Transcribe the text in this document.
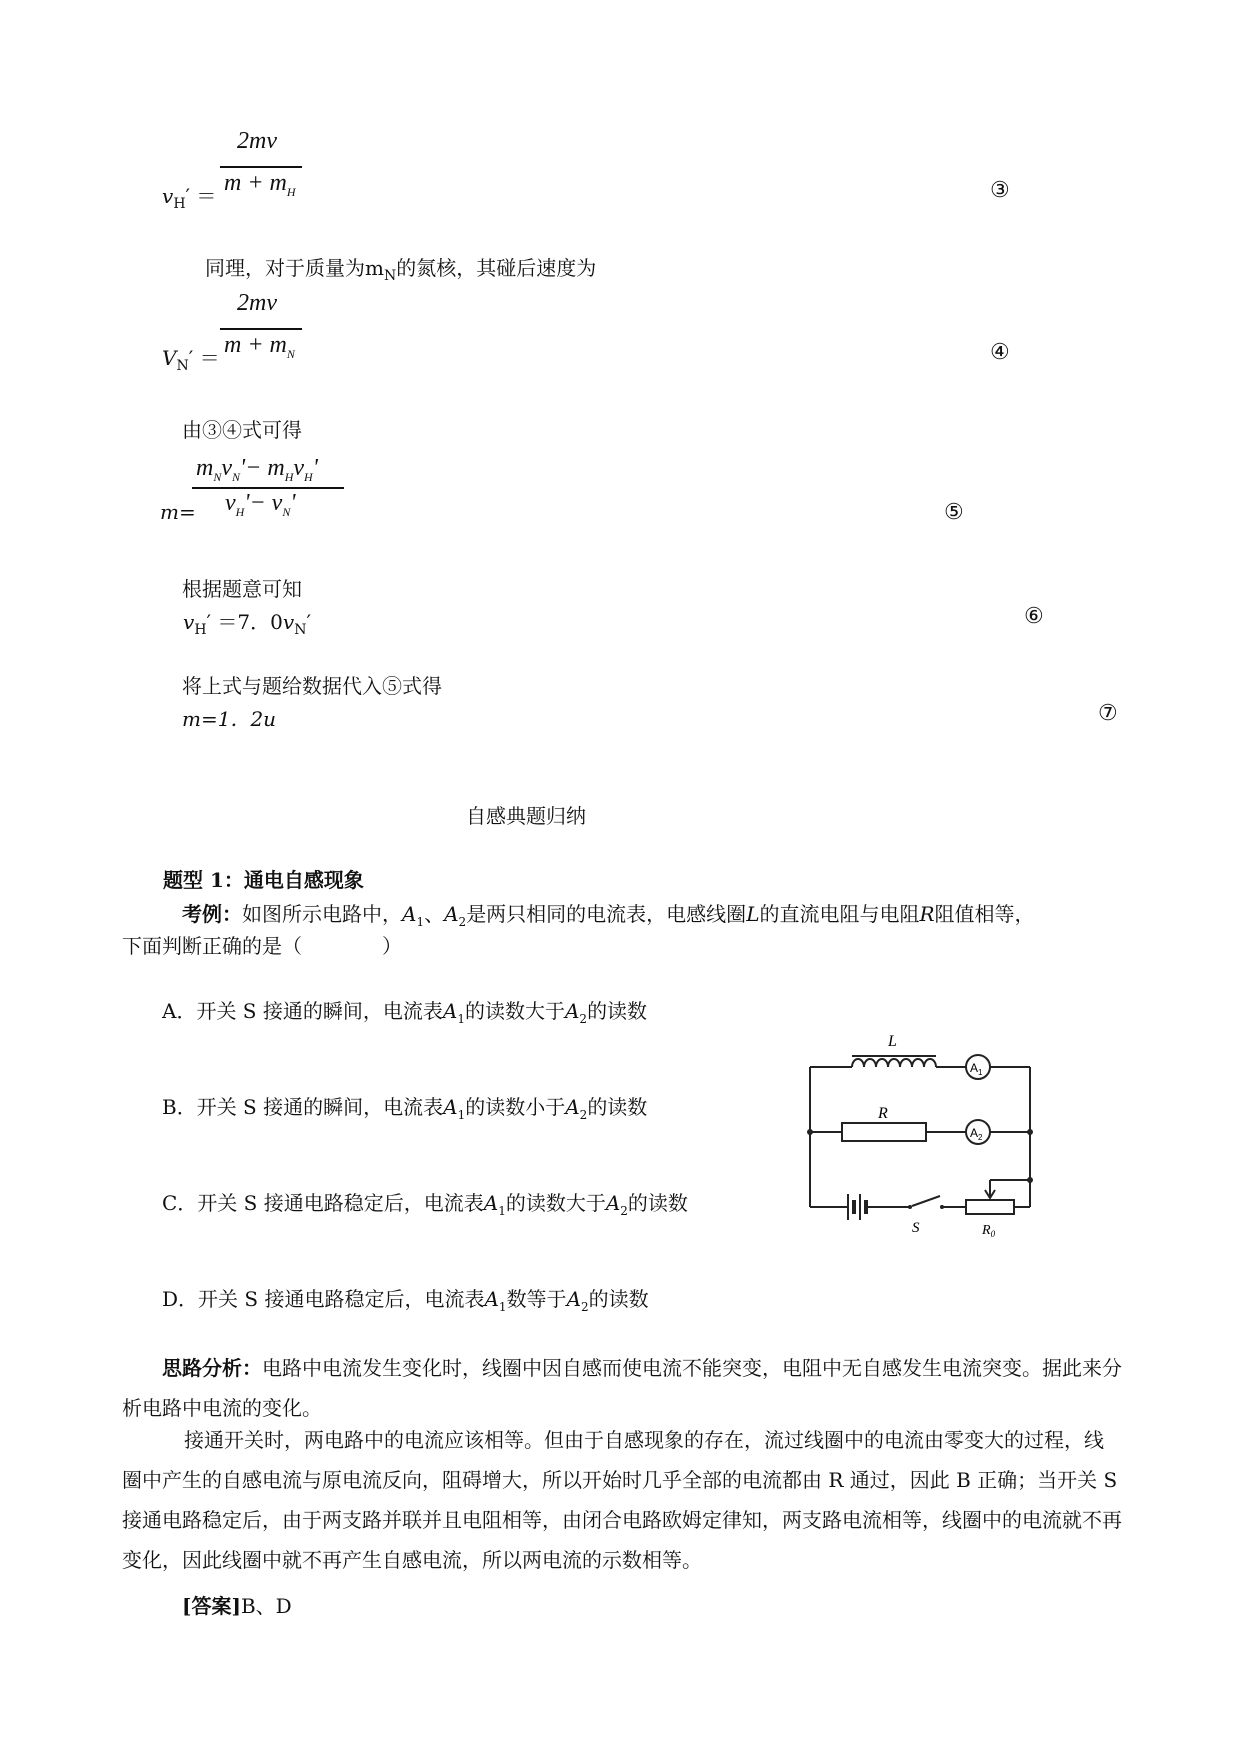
2mv
$m + m_H$
$v_H'$ ＝	③
同理，对于质量为$m_N$的氮核，其碰后速度为
2mv
$m + m_N$
$V_N'$ ＝	④
由③④式可得
$m_Nv_N'- m_Hv_H'$
$v_H'- v_N'$
m=	⑤
根据题意可知
$v_H' =7$．$0v_N'$	⑥
将上式与题给数据代入⑤式得
m=1．2u	⑦
自感典题归纳
题型 1：通电自感现象
考例：如图所示电路中，$A_1$、$A_2$是两只相同的电流表，电感线圈L的直流电阻与电阻R阻值相等，
下面判断正确的是（　　　　）
A．开关 S 接通的瞬间，电流表$A_1$的读数大于$A_2$的读数
B．开关 S 接通的瞬间，电流表$A_1$的读数小于$A_2$的读数
C．开关 S 接通电路稳定后，电流表$A_1$的读数大于$A_2$的读数
D．开关 S 接通电路稳定后，电流表$A_1$数等于$A_2$的读数
L
$A_1$
R
$A_2$
S	$R_0$
思路分析：电路中电流发生变化时，线圈中因自感而使电流不能突变，电阻中无自感发生电流突变。据此来分析电路中电流的变化。
接通开关时，两电路中的电流应该相等。但由于自感现象的存在，流过线圈中的电流由零变大的过程，线圈中产生的自感电流与原电流反向，阻碍增大，所以开始时几乎全部的电流都由 R 通过，因此 B 正确；当开关 S 接通电路稳定后，由于两支路并联并且电阻相等，由闭合电路欧姆定律知，两支路电流相等，线圈中的电流就不再变化，因此线圈中就不再产生自感电流，所以两电流的示数相等。
[答案]B、D
